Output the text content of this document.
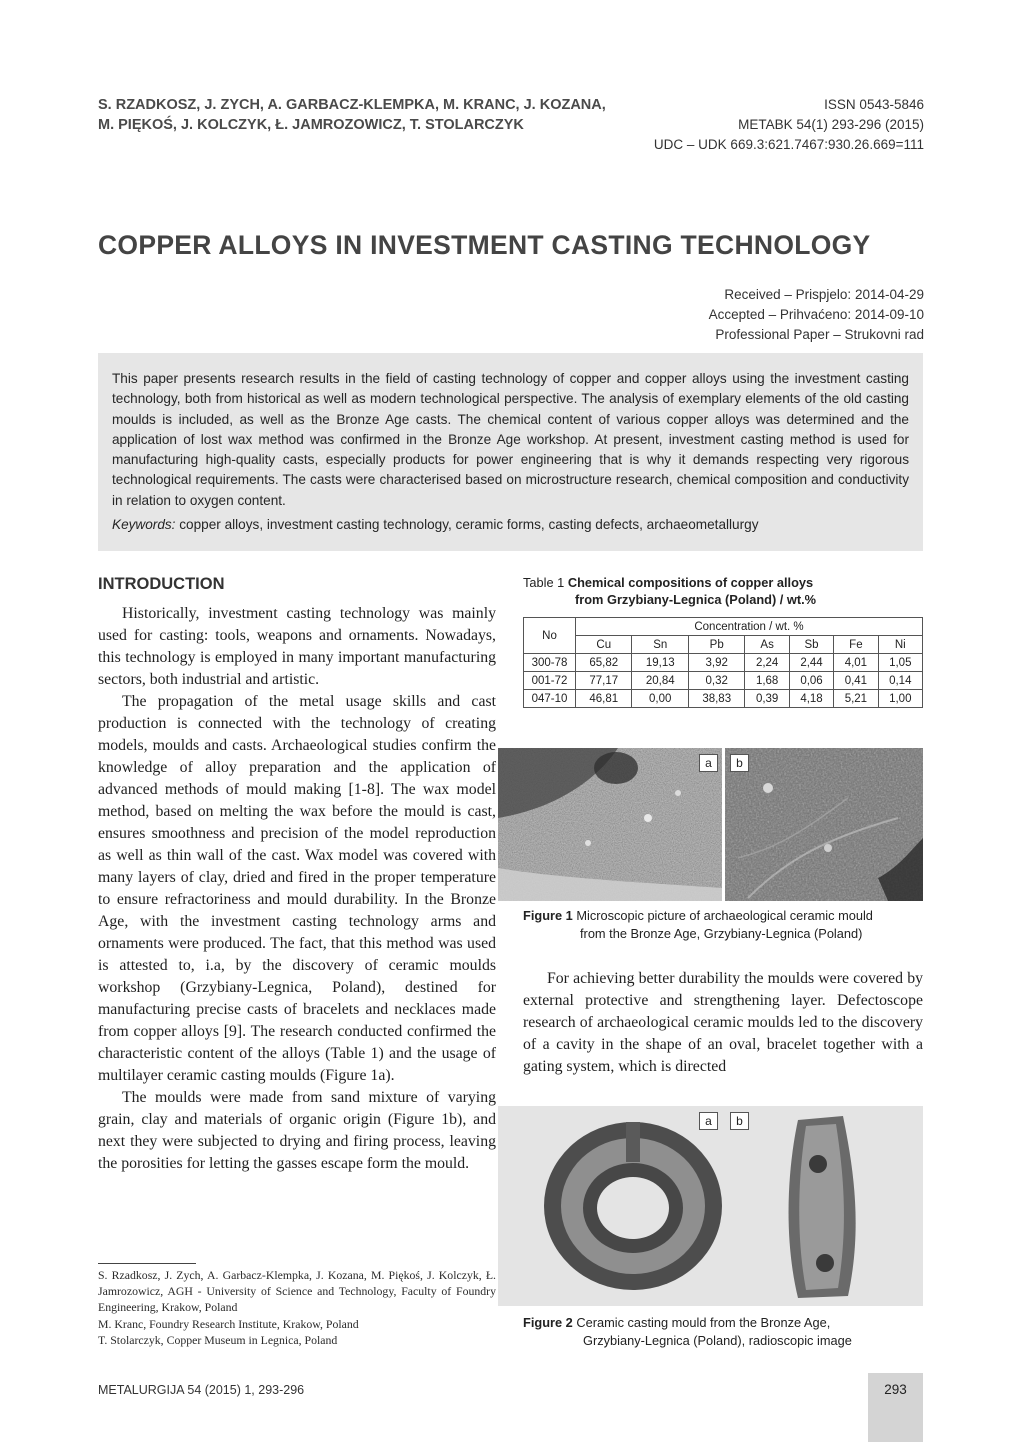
S. RZADKOSZ, J. ZYCH, A. GARBACZ-KLEMPKA, M. KRANC, J. KOZANA,
M. PIĘKOŚ, J. KOLCZYK, Ł. JAMROZOWICZ, T. STOLARCZYK
ISSN 0543-5846
METABK 54(1) 293-296 (2015)
UDC – UDK 669.3:621.7467:930.26.669=111
COPPER ALLOYS IN INVESTMENT CASTING TECHNOLOGY
Received – Prispjelo: 2014-04-29
Accepted – Prihvaćeno: 2014-09-10
Professional Paper – Strukovni rad

This paper presents research results in the field of casting technology of copper and copper alloys using the investment casting technology, both from historical as well as modern technological perspective. The analysis of exemplary elements of the old casting moulds is included, as well as the Bronze Age casts. The chemical content of various copper alloys was determined and the application of lost wax method was confirmed in the Bronze Age workshop. At present, investment casting method is used for manufacturing high-quality casts, especially products for power engineering that is why it demands respecting very rigorous technological requirements. The casts were characterised based on microstructure research, chemical composition and conductivity in relation to oxygen content.

Keywords: copper alloys, investment casting technology, ceramic forms, casting defects, archaeometallurgy

INTRODUCTION

Historically, investment casting technology was mainly used for casting: tools, weapons and ornaments. Nowadays, this technology is employed in many important manufacturing sectors, both industrial and artistic.

The propagation of the metal usage skills and cast production is connected with the technology of creating models, moulds and casts. Archaeological studies confirm the knowledge of alloy preparation and the application of advanced methods of mould making [1-8]. The wax model method, based on melting the wax before the mould is cast, ensures smoothness and precision of the model reproduction as well as thin wall of the cast. Wax model was covered with many layers of clay, dried and fired in the proper temperature to ensure refractoriness and mould durability. In the Bronze Age, with the investment casting technology arms and ornaments were produced. The fact, that this method was used is attested to, i.a, by the discovery of ceramic moulds workshop (Grzybiany-Legnica, Poland), destined for manufacturing precise casts of bracelets and necklaces made from copper alloys [9]. The research conducted confirmed the characteristic content of the alloys (Table 1) and the usage of multilayer ceramic casting moulds (Figure 1a).

The moulds were made from sand mixture of varying grain, clay and materials of organic origin (Figure 1b), and next they were subjected to drying and firing process, leaving the porosities for letting the gasses escape form the mould.

S. Rzadkosz, J. Zych, A. Garbacz-Klempka, J. Kozana, M. Piękoś, J. Kolczyk, Ł. Jamrozowicz, AGH - University of Science and Technology, Faculty of Foundry Engineering, Krakow, Poland
M. Kranc, Foundry Research Institute, Krakow, Poland
T. Stolarczyk, Copper Museum in Legnica, Poland
Table 1 Chemical compositions of copper alloys
from Grzybiany-Legnica (Poland) / wt.%
No	Concentration / wt. %						
	Cu	Sn	Pb	As	Sb	Fe	Ni
300-78	65,82	19,13	3,92	2,24	2,44	4,01	1,05
001-72	77,17	20,84	0,32	1,68	0,06	0,41	0,14
047-10	46,81	0,00	38,83	0,39	4,18	5,21	1,00
a	b
Figure 1 Microscopic picture of archaeological ceramic mould
from the Bronze Age, Grzybiany-Legnica (Poland)

For achieving better durability the moulds were covered by external protective and strengthening layer. Defectoscope research of archaeological ceramic moulds led to the discovery of a cavity in the shape of an oval, bracelet together with a gating system, which is directed

a	b
Figure 2 Ceramic casting mould from the Bronze Age,
Grzybiany-Legnica (Poland), radioscopic image
METALURGIJA 54 (2015) 1, 293-296	293
